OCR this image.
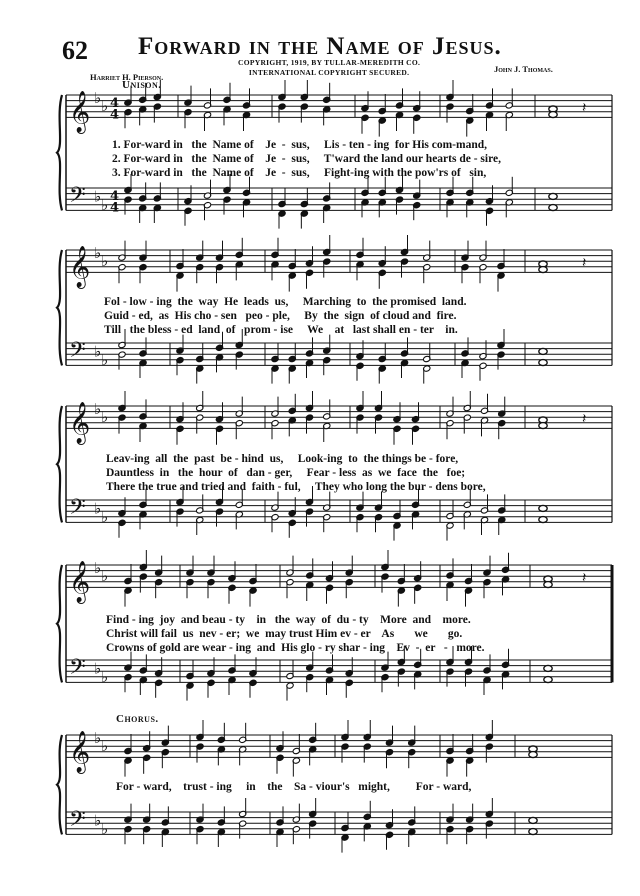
62 Forward in the Name of Jesus.
COPYRIGHT, 1919, BY TULLAR-MEREDITH CO.
INTERNATIONAL COPYRIGHT SECURED.
Harriet H. Pierson.
John J. Thomas.
Unison.
Chorus.
𝄞
𝄢
♭ ♭
♭ ♭
4
4
4
4
𝄽
𝄞
𝄢
♭ ♭
♭ ♭
𝄽
𝄞
𝄢
♭ ♭
♭ ♭
𝄽
𝄞
𝄢
♭ ♭
♭ ♭
𝄽
𝄞
𝄢
♭ ♭
♭ ♭
1. For-ward in   the  Name of    Je  -  sus,     Lis - ten - ing  for His com-mand,
2. For-ward in   the  Name of    Je  -  sus,     T'ward the land our hearts de - sire,
3. For-ward in   the  Name of    Je  -  sus,     Fight-ing with the pow'rs of   sin,
Fol - low - ing  the  way  He  leads  us,     Marching  to  the promised  land.
Guid - ed,  as  His cho - sen   peo - ple,     By  the  sign  of cloud and  fire.
Till   the bless - ed  land  of   prom - ise     We    at   last shall en - ter    in.
Leav-ing  all  the  past  be - hind  us,     Look-ing  to  the things be - fore,
Dauntless  in   the  hour  of   dan - ger,     Fear - less  as  we  face  the   foe;
There the true and tried and  faith - ful,     They who long the bur - dens bore,
Find - ing  joy  and beau - ty    in   the  way  of  du - ty    More  and    more.
Christ will fail  us  nev - er;  we  may trust Him ev - er    As       we       go.
Crowns of gold are wear - ing  and  His glo - ry shar - ing    Ev  -  er   -   more.
For - ward,    trust - ing     in    the    Sa - viour's   might,         For - ward,
